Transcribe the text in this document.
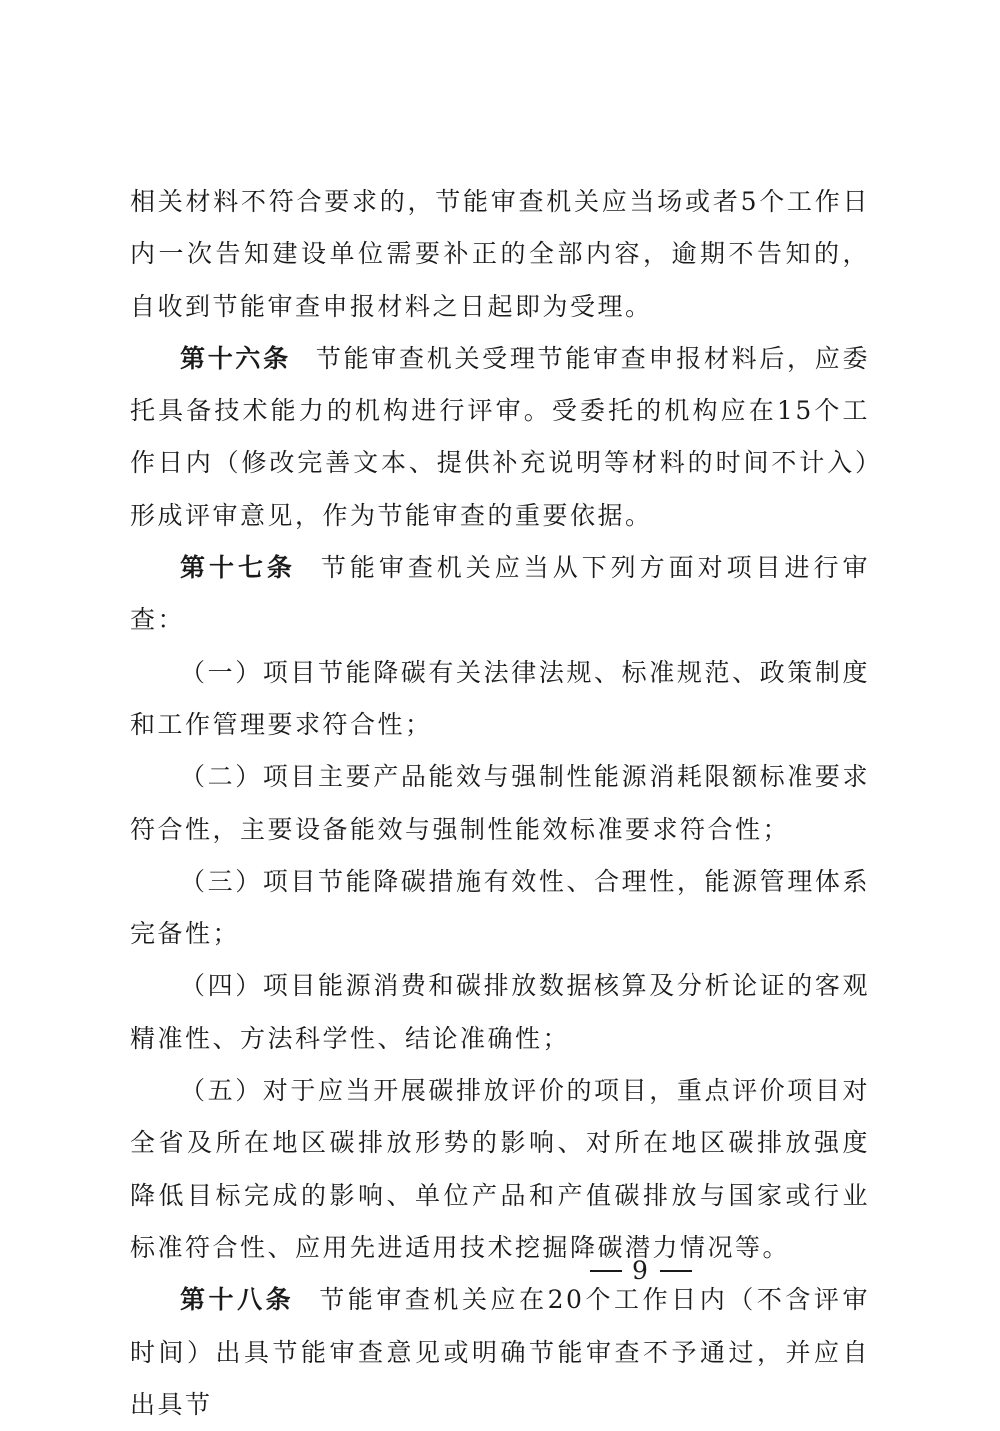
相关材料不符合要求的，节能审查机关应当场或者5个工作日内一次告知建设单位需要补正的全部内容，逾期不告知的，自收到节能审查申报材料之日起即为受理。

第十六条 节能审查机关受理节能审查申报材料后，应委托具备技术能力的机构进行评审。受委托的机构应在15个工作日内（修改完善文本、提供补充说明等材料的时间不计入）形成评审意见，作为节能审查的重要依据。

第十七条 节能审查机关应当从下列方面对项目进行审查：

（一）项目节能降碳有关法律法规、标准规范、政策制度和工作管理要求符合性；

（二）项目主要产品能效与强制性能源消耗限额标准要求符合性，主要设备能效与强制性能效标准要求符合性；

（三）项目节能降碳措施有效性、合理性，能源管理体系完备性；

（四）项目能源消费和碳排放数据核算及分析论证的客观精准性、方法科学性、结论准确性；

（五）对于应当开展碳排放评价的项目，重点评价项目对全省及所在地区碳排放形势的影响、对所在地区碳排放强度降低目标完成的影响、单位产品和产值碳排放与国家或行业标准符合性、应用先进适用技术挖掘降碳潜力情况等。

第十八条 节能审查机关应在20个工作日内（不含评审时间）出具节能审查意见或明确节能审查不予通过，并应自出具节

9
